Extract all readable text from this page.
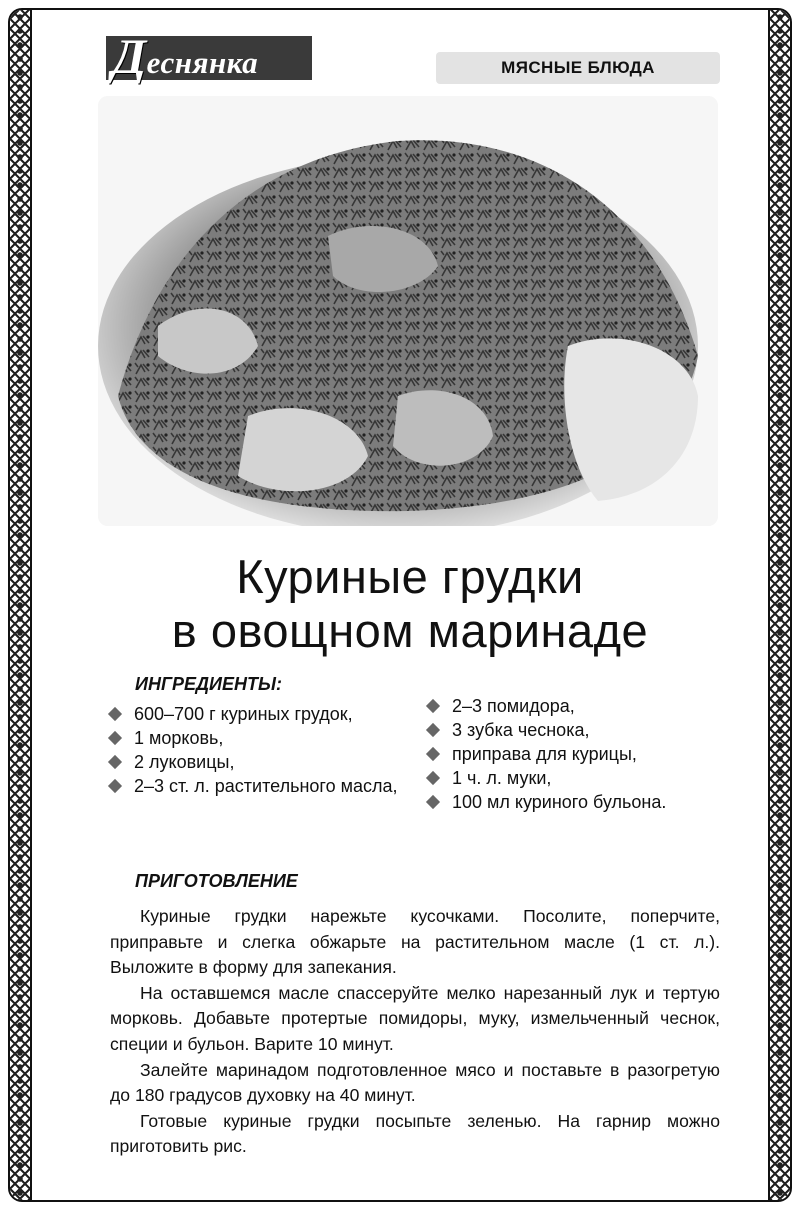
Деснянка	МЯСНЫЕ БЛЮДА
Куриные грудки
в овощном маринаде
ИНГРЕДИЕНТЫ:
600–700 г куриных грудок,
1 морковь,
2 луковицы,
2–3 ст. л. растительного масла,
2–3 помидора,
3 зубка чеснока,
приправа для курицы,
1 ч. л. муки,
100 мл куриного бульона.
ПРИГОТОВЛЕНИЕ

Куриные грудки нарежьте кусочками. Посолите, поперчите, приправьте и слегка обжарьте на растительном масле (1 ст. л.). Выложите в форму для запекания.

На оставшемся масле спассеруйте мелко нарезанный лук и тертую морковь. Добавьте протертые помидоры, муку, измельченный чеснок, специи и бульон. Варите 10 минут.

Залейте маринадом подготовленное мясо и поставьте в разогретую до 180 градусов духовку на 40 минут.

Готовые куриные грудки посыпьте зеленью. На гарнир можно приготовить рис.
